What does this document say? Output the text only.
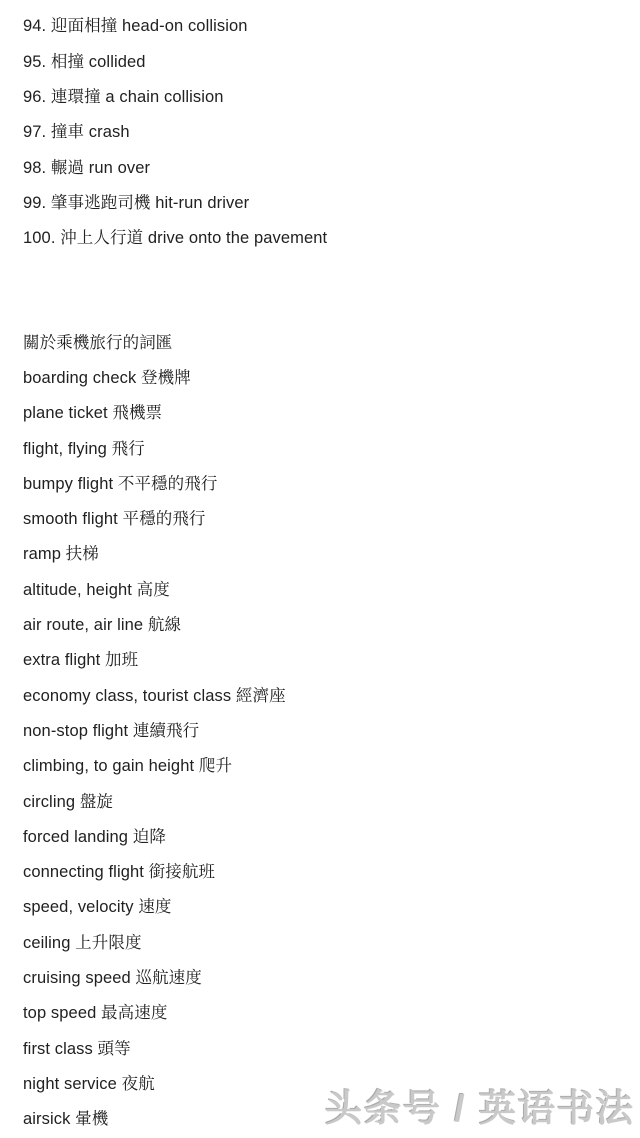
94. 迎面相撞 head-on collision
95. 相撞 collided
96. 連環撞 a chain collision
97. 撞車 crash
98. 輾過 run over
99. 肇事逃跑司機 hit-run driver
100. 沖上人行道 drive onto the pavement
關於乘機旅行的詞匯
boarding check 登機牌
plane ticket 飛機票
flight, flying 飛行
bumpy flight 不平穩的飛行
smooth flight 平穩的飛行
ramp 扶梯
altitude, height 高度
air route, air line 航線
extra flight 加班
economy class, tourist class 經濟座
non-stop flight 連續飛行
climbing, to gain height 爬升
circling 盤旋
forced landing 迫降
connecting flight 銜接航班
speed, velocity 速度
ceiling 上升限度
cruising speed 巡航速度
top speed 最高速度
first class 頭等
night service 夜航
airsick 暈機	头条号 / 英语书法
